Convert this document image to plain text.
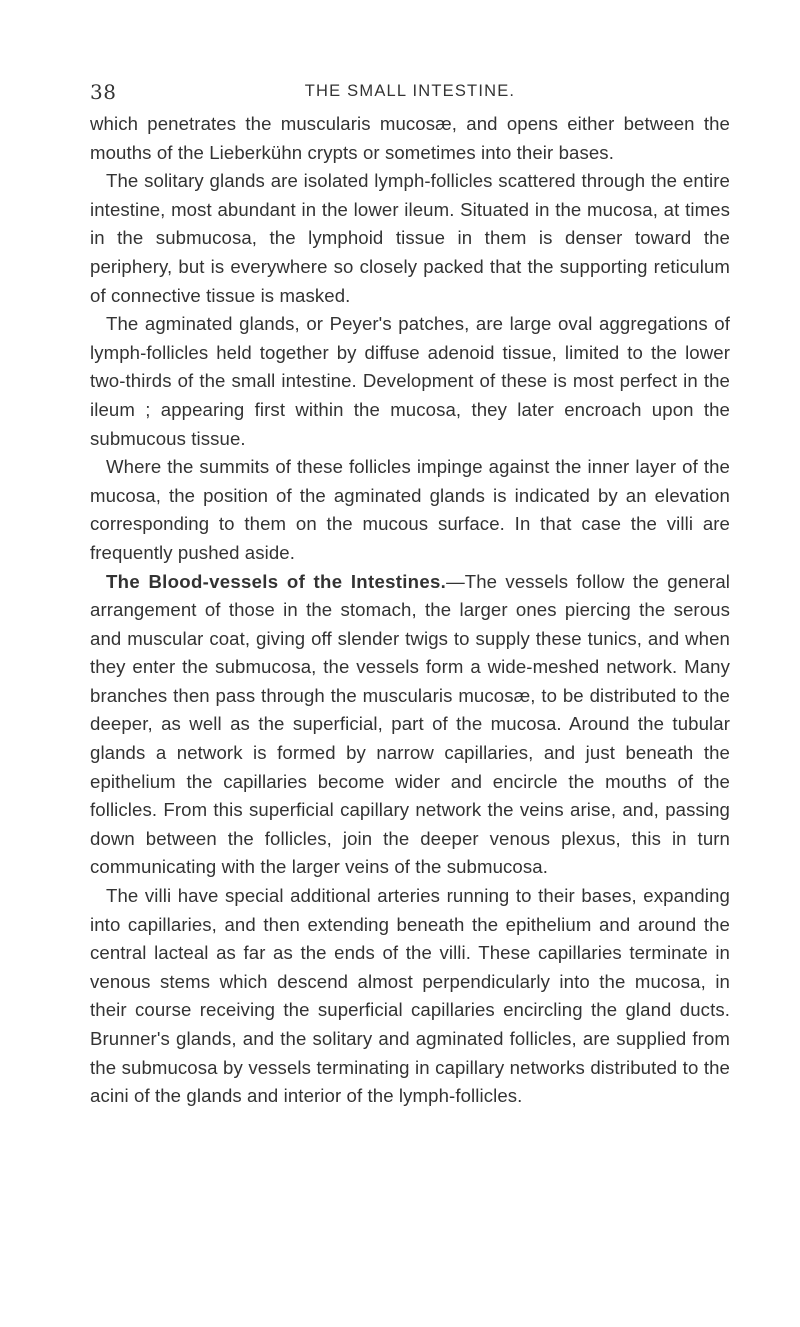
38	THE SMALL INTESTINE.

which penetrates the muscularis mucosæ, and opens either between the mouths of the Lieberkühn crypts or sometimes into their bases.

The solitary glands are isolated lymph-follicles scattered through the entire intestine, most abundant in the lower ileum. Situated in the mucosa, at times in the submucosa, the lymphoid tissue in them is denser toward the periphery, but is everywhere so closely packed that the supporting reticulum of connective tissue is masked.

The agminated glands, or Peyer's patches, are large oval aggregations of lymph-follicles held together by diffuse adenoid tissue, limited to the lower two-thirds of the small intestine. Development of these is most perfect in the ileum ; appearing first within the mucosa, they later encroach upon the submucous tissue.

Where the summits of these follicles impinge against the inner layer of the mucosa, the position of the agminated glands is indicated by an elevation corresponding to them on the mucous surface. In that case the villi are frequently pushed aside.

The Blood-vessels of the Intestines.—The vessels follow the general arrangement of those in the stomach, the larger ones piercing the serous and muscular coat, giving off slender twigs to supply these tunics, and when they enter the submucosa, the vessels form a wide-meshed network. Many branches then pass through the muscularis mucosæ, to be distributed to the deeper, as well as the superficial, part of the mucosa. Around the tubular glands a network is formed by narrow capillaries, and just beneath the epithelium the capillaries become wider and encircle the mouths of the follicles. From this superficial capillary network the veins arise, and, passing down between the follicles, join the deeper venous plexus, this in turn communicating with the larger veins of the submucosa.

The villi have special additional arteries running to their bases, expanding into capillaries, and then extending beneath the epithelium and around the central lacteal as far as the ends of the villi. These capillaries terminate in venous stems which descend almost perpendicularly into the mucosa, in their course receiving the superficial capillaries encircling the gland ducts. Brunner's glands, and the solitary and agminated follicles, are supplied from the submucosa by vessels terminating in capillary networks distributed to the acini of the glands and interior of the lymph-follicles.
